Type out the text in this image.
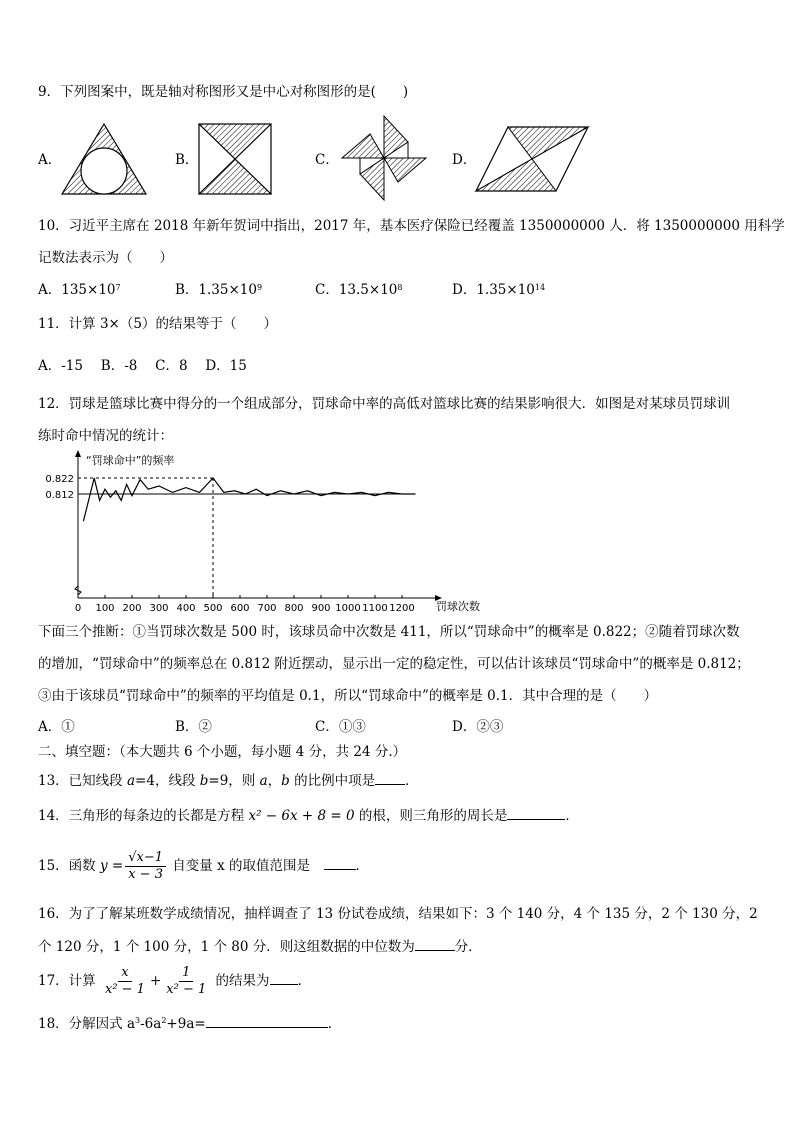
9．下列图案中，既是轴对称图形又是中心对称图形的是(　　)
A．	B．	C．	D．
10．习近平主席在 2018 年新年贺词中指出，2017 年，基本医疗保险已经覆盖 1350000000 人．将 1350000000 用科学
记数法表示为（　　）
A．$135\times 10^7$	B．$1.35\times 10^9$	C．$13.5\times 10^8$	D．$1.35\times 10^{14}$
11．计算 3×（5）的结果等于（　　）
A．-15　 B．-8　 C．8　 D．15
12．罚球是篮球比赛中得分的一个组成部分，罚球命中率的高低对篮球比赛的结果影响很大．如图是对某球员罚球训
练时命中情况的统计：
“罚球命中”的频率
罚球次数
0 100 200 300 400 500 600 700 800 900 1000 1100 1200
0.812
0.822
下面三个推断：①当罚球次数是 500 时，该球员命中次数是 411，所以“罚球命中”的概率是 0.822；②随着罚球次数
的增加，“罚球命中”的频率总在 0.812 附近摆动，显示出一定的稳定性，可以估计该球员“罚球命中”的概率是 0.812；
③由于该球员“罚球命中”的频率的平均值是 0.1，所以“罚球命中”的概率是 0.1．其中合理的是（　　）
A．①	B．②	C．①③	D．②③
二、填空题：（本大题共 6 个小题，每小题 4 分，共 24 分.）
13．已知线段 a=4，线段 b=9，则 a，b 的比例中项是 ．
14．三角形的每条边的长都是方程 x² − 6x + 8 = 0 的根，则三角形的周长是	．
15．函数 $y = \frac{√x-1}{x - 3}$ 自变量 x 的取值范围是　．
16．为了了解某班数学成绩情况，抽样调查了 13 份试卷成绩，结果如下：3 个 140 分，4 个 135 分，2 个 130 分，2
个 120 分，1 个 100 分，1 个 80 分．则这组数据的中位数为	分．
17．计算 $\frac{x}{\text{x² − 1}} + \frac{1}{\text{x² − 1}}$ 的结果为 ．
18．分解因式 $a^3-6a^2+9a=$	．
